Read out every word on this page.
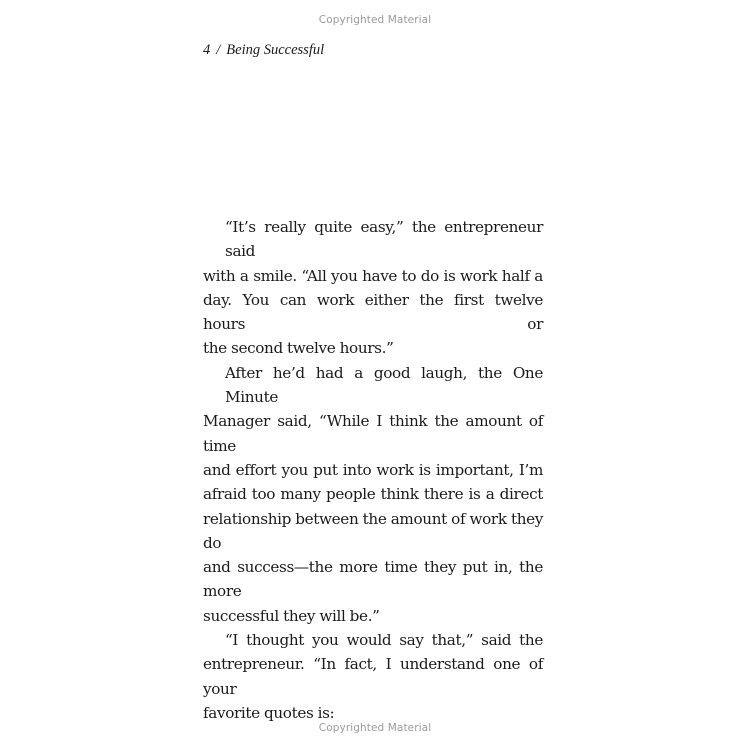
Copyrighted Material
4 / Being Successful

“It’s really quite easy,” the entrepreneur said
with a smile. “All you have to do is work half a
day. You can work either the first twelve hours or
the second twelve hours.”

After he’d had a good laugh, the One Minute
Manager said, “While I think the amount of time
and effort you put into work is important, I’m
afraid too many people think there is a direct
relationship between the amount of work they do
and success—the more time they put in, the more
successful they will be.”

“I thought you would say that,” said the
entrepreneur. “In fact, I understand one of your
favorite quotes is:

Copyrighted Material
